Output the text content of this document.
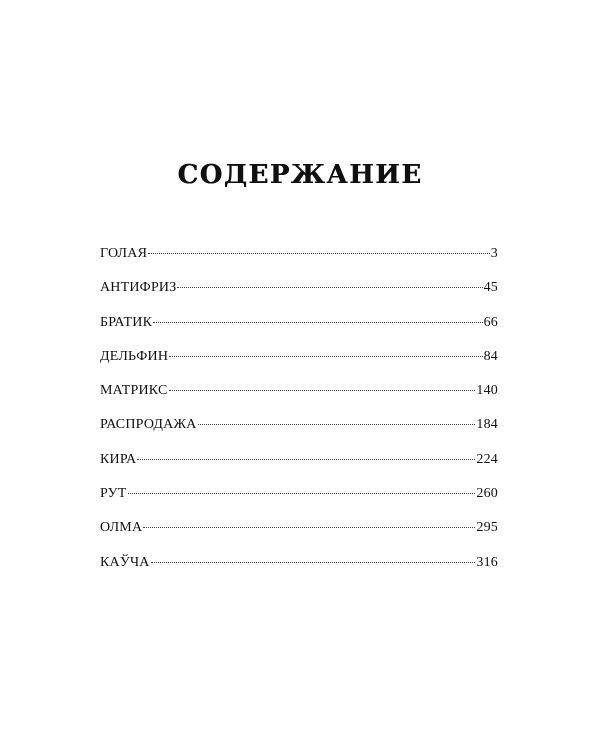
СОДЕРЖАНИЕ
ГОЛАЯ	3
АНТИФРИЗ	45
БРАТИК	66
ДЕЛЬФИН	84
МАТРИКС	140
РАСПРОДАЖА	184
КИРА	224
РУТ	260
ОЛМА	295
КАЎЧА	316
